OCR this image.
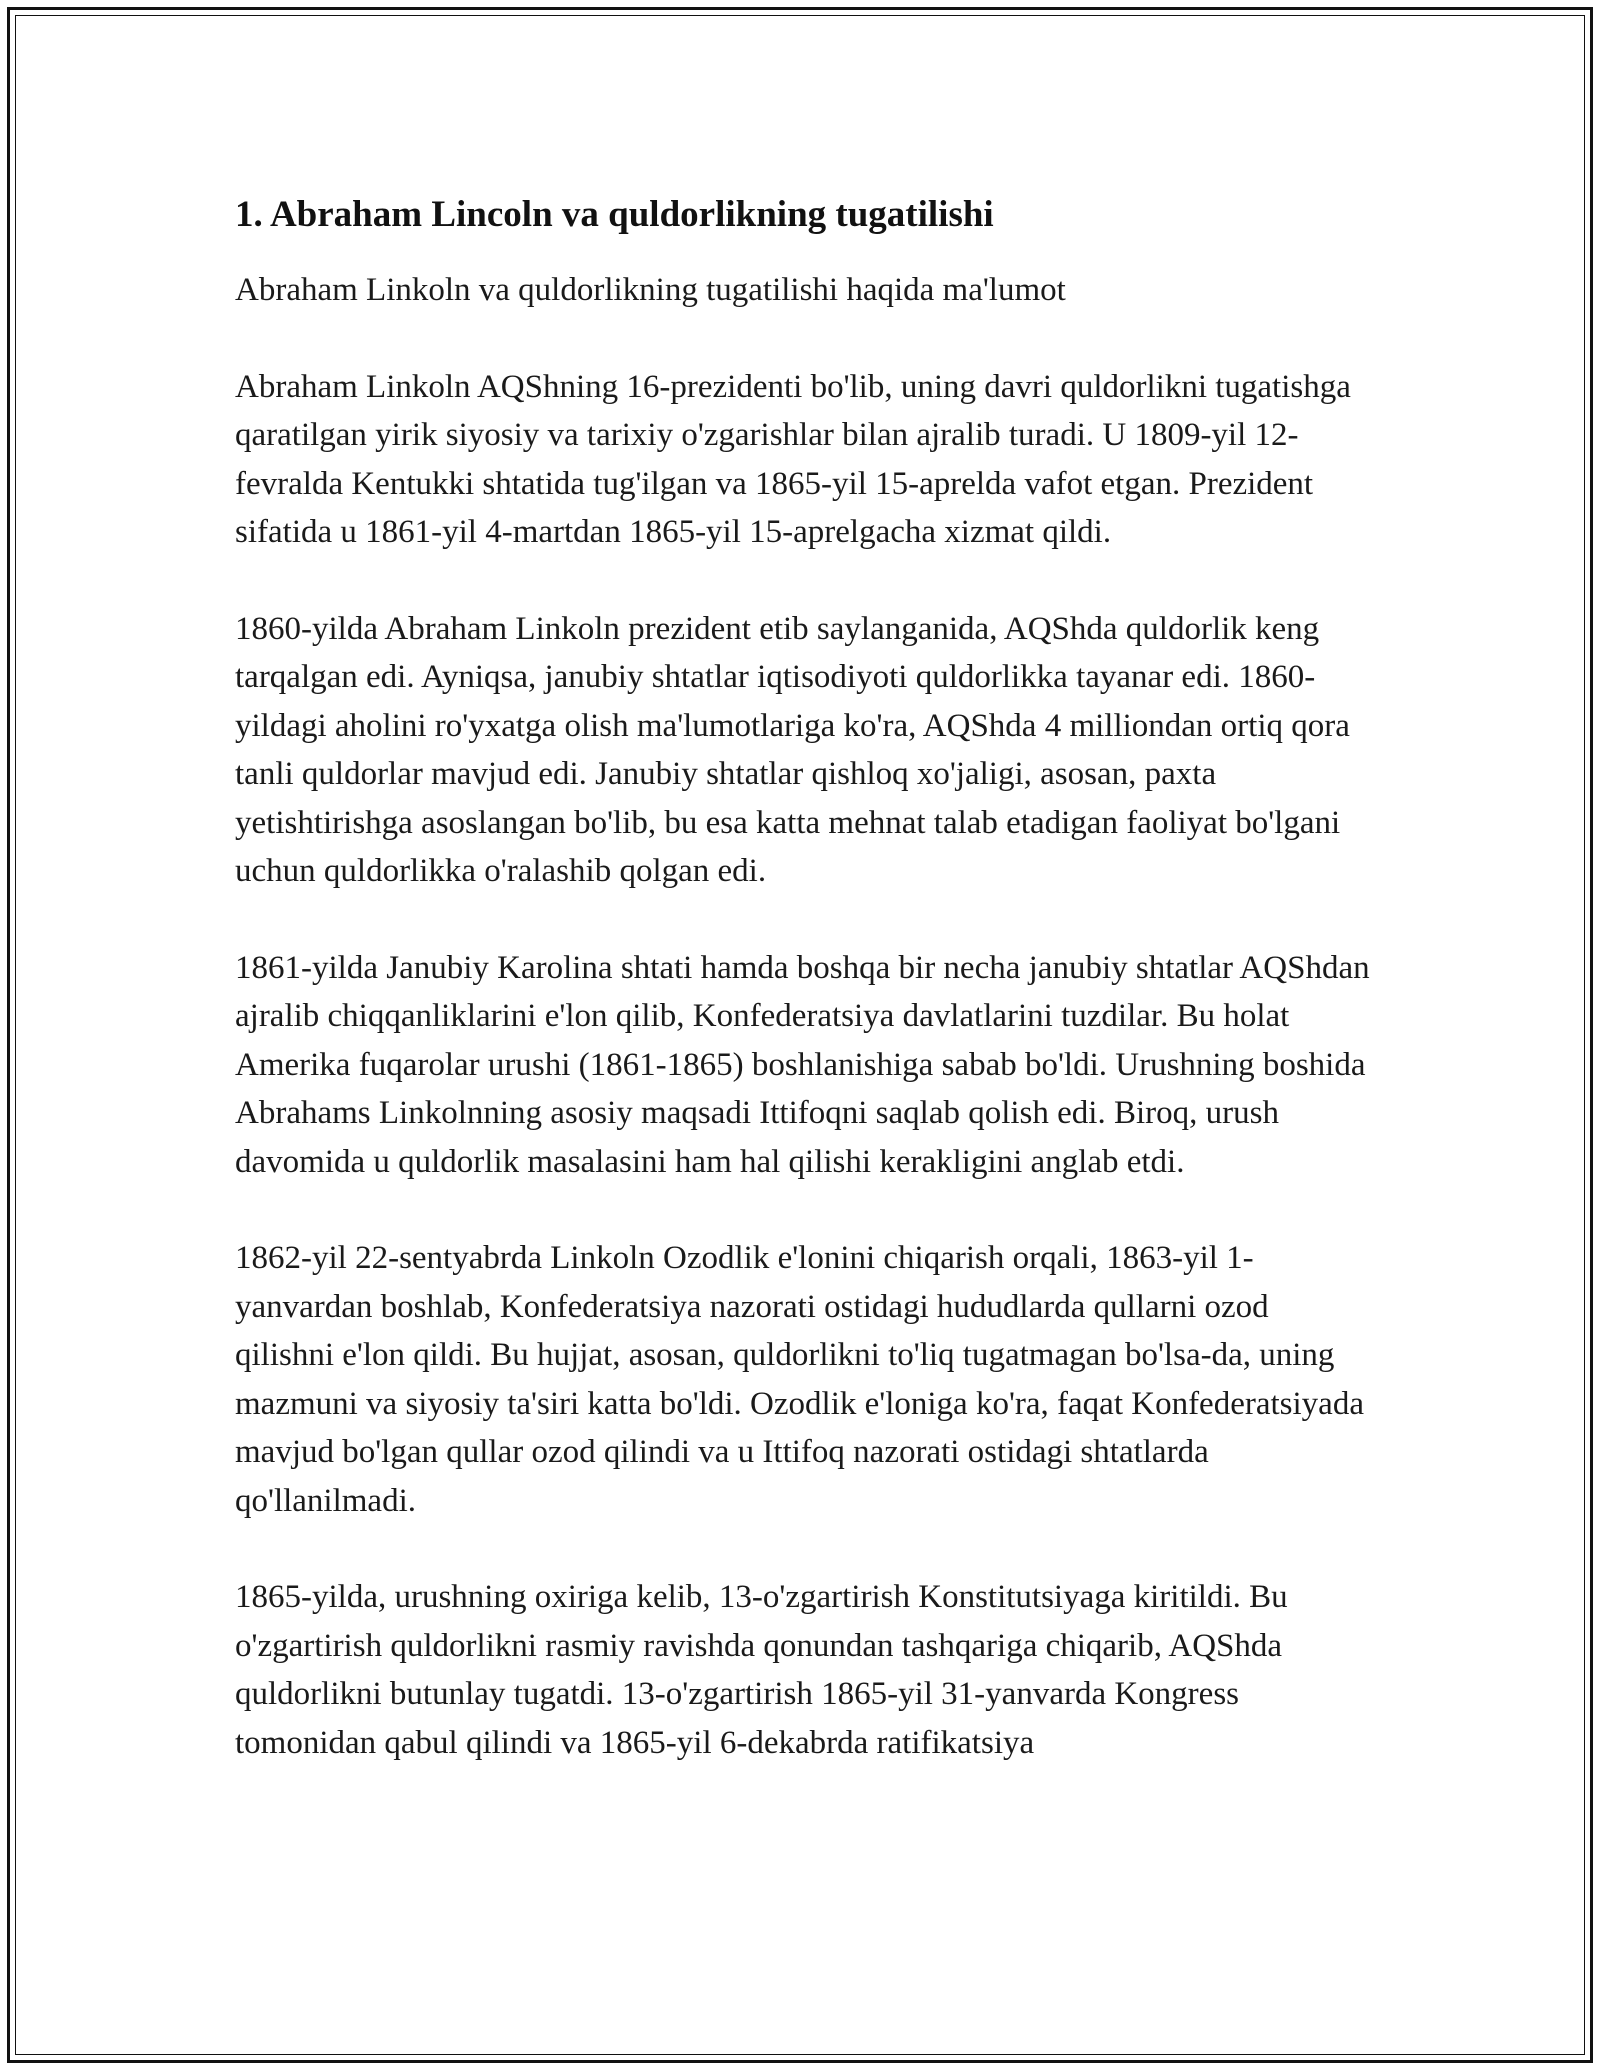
1. Abraham Lincoln va quldorlikning tugatilishi

Abraham Linkoln va quldorlikning tugatilishi haqida ma'lumot

Abraham Linkoln AQShning 16-prezidenti bo'lib, uning davri quldorlikni tugatishga qaratilgan yirik siyosiy va tarixiy o'zgarishlar bilan ajralib turadi. U 1809-yil 12-fevralda Kentukki shtatida tug'ilgan va 1865-yil 15-aprelda vafot etgan. Prezident sifatida u 1861-yil 4-martdan 1865-yil 15-aprelgacha xizmat qildi.

1860-yilda Abraham Linkoln prezident etib saylanganida, AQShda quldorlik keng tarqalgan edi. Ayniqsa, janubiy shtatlar iqtisodiyoti quldorlikka tayanar edi. 1860-yildagi aholini ro'yxatga olish ma'lumotlariga ko'ra, AQShda 4 milliondan ortiq qora tanli quldorlar mavjud edi. Janubiy shtatlar qishloq xo'jaligi, asosan, paxta yetishtirishga asoslangan bo'lib, bu esa katta mehnat talab etadigan faoliyat bo'lgani uchun quldorlikka o'ralashib qolgan edi.

1861-yilda Janubiy Karolina shtati hamda boshqa bir necha janubiy shtatlar AQShdan ajralib chiqqanliklarini e'lon qilib, Konfederatsiya davlatlarini tuzdilar. Bu holat Amerika fuqarolar urushi (1861-1865) boshlanishiga sabab bo'ldi. Urushning boshida Abrahams Linkolnning asosiy maqsadi Ittifoqni saqlab qolish edi. Biroq, urush davomida u quldorlik masalasini ham hal qilishi kerakligini anglab etdi.

1862-yil 22-sentyabrda Linkoln Ozodlik e'lonini chiqarish orqali, 1863-yil 1-yanvardan boshlab, Konfederatsiya nazorati ostidagi hududlarda qullarni ozod qilishni e'lon qildi. Bu hujjat, asosan, quldorlikni to'liq tugatmagan bo'lsa-da, uning mazmuni va siyosiy ta'siri katta bo'ldi. Ozodlik e'loniga ko'ra, faqat Konfederatsiyada mavjud bo'lgan qullar ozod qilindi va u Ittifoq nazorati ostidagi shtatlarda qo'llanilmadi.

1865-yilda, urushning oxiriga kelib, 13-o'zgartirish Konstitutsiyaga kiritildi. Bu o'zgartirish quldorlikni rasmiy ravishda qonundan tashqariga chiqarib, AQShda quldorlikni butunlay tugatdi. 13-o'zgartirish 1865-yil 31-yanvarda Kongress tomonidan qabul qilindi va 1865-yil 6-dekabrda ratifikatsiya
